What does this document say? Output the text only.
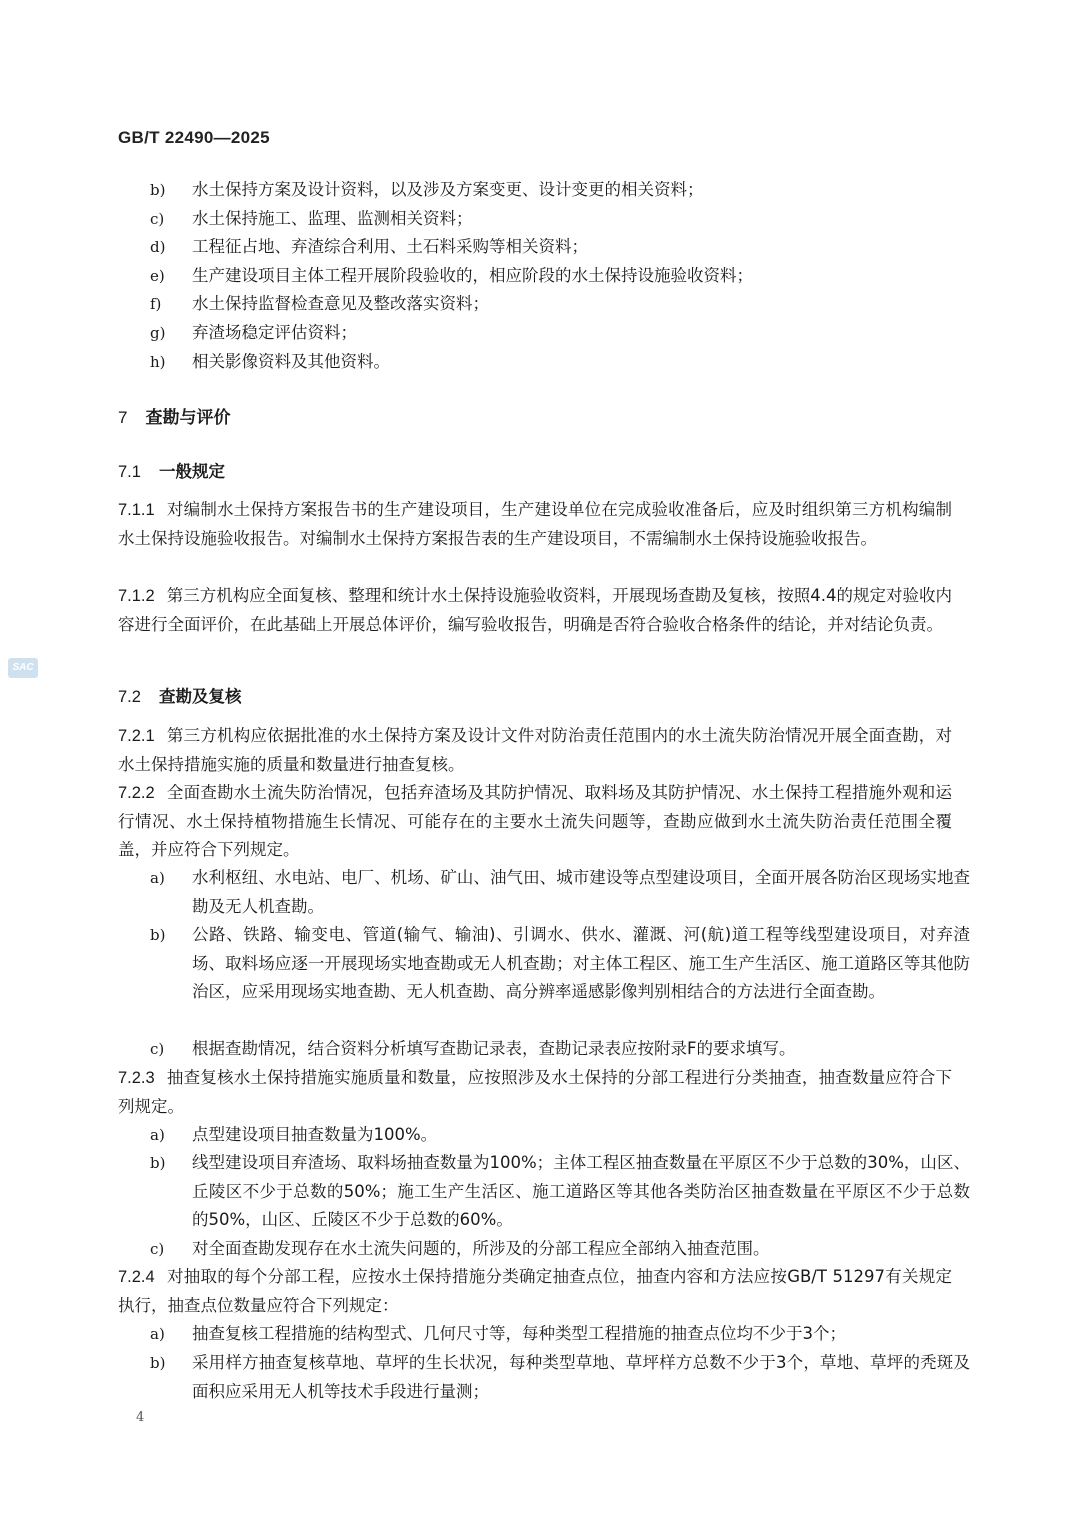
GB/T 22490—2025
b)	水土保持方案及设计资料，以及涉及方案变更、设计变更的相关资料；
c)	水土保持施工、监理、监测相关资料；
d)	工程征占地、弃渣综合利用、土石料采购等相关资料；
e)	生产建设项目主体工程开展阶段验收的，相应阶段的水土保持设施验收资料；
f)	水土保持监督检查意见及整改落实资料；
g)	弃渣场稳定评估资料；
h)	相关影像资料及其他资料。
7 查勘与评价
7.1 一般规定
7.1.1 对编制水土保持方案报告书的生产建设项目，生产建设单位在完成验收准备后，应及时组织第三方机构编制水土保持设施验收报告。对编制水土保持方案报告表的生产建设项目，不需编制水土保持设施验收报告。
7.1.2 第三方机构应全面复核、整理和统计水土保持设施验收资料，开展现场查勘及复核，按照4.4的规定对验收内容进行全面评价，在此基础上开展总体评价，编写验收报告，明确是否符合验收合格条件的结论，并对结论负责。
7.2 查勘及复核
7.2.1 第三方机构应依据批准的水土保持方案及设计文件对防治责任范围内的水土流失防治情况开展全面查勘，对水土保持措施实施的质量和数量进行抽查复核。
7.2.2 全面查勘水土流失防治情况，包括弃渣场及其防护情况、取料场及其防护情况、水土保持工程措施外观和运行情况、水土保持植物措施生长情况、可能存在的主要水土流失问题等，查勘应做到水土流失防治责任范围全覆盖，并应符合下列规定。
a)	水利枢纽、水电站、电厂、机场、矿山、油气田、城市建设等点型建设项目，全面开展各防治区现场实地查勘及无人机查勘。
b)	公路、铁路、输变电、管道(输气、输油)、引调水、供水、灌溉、河(航)道工程等线型建设项目，对弃渣场、取料场应逐一开展现场实地查勘或无人机查勘；对主体工程区、施工生产生活区、施工道路区等其他防治区，应采用现场实地查勘、无人机查勘、高分辨率遥感影像判别相结合的方法进行全面查勘。
c)	根据查勘情况，结合资料分析填写查勘记录表，查勘记录表应按附录F的要求填写。
7.2.3 抽查复核水土保持措施实施质量和数量，应按照涉及水土保持的分部工程进行分类抽查，抽查数量应符合下列规定。
a)	点型建设项目抽查数量为100%。
b)	线型建设项目弃渣场、取料场抽查数量为100%；主体工程区抽查数量在平原区不少于总数的30%，山区、丘陵区不少于总数的50%；施工生产生活区、施工道路区等其他各类防治区抽查数量在平原区不少于总数的50%，山区、丘陵区不少于总数的60%。
c)	对全面查勘发现存在水土流失问题的，所涉及的分部工程应全部纳入抽查范围。
7.2.4 对抽取的每个分部工程，应按水土保持措施分类确定抽查点位，抽查内容和方法应按GB/T 51297有关规定执行，抽查点位数量应符合下列规定：
a)	抽查复核工程措施的结构型式、几何尺寸等，每种类型工程措施的抽查点位均不少于3个；
b)	采用样方抽查复核草地、草坪的生长状况，每种类型草地、草坪样方总数不少于3个，草地、草坪的秃斑及面积应采用无人机等技术手段进行量测；
4
SAC
